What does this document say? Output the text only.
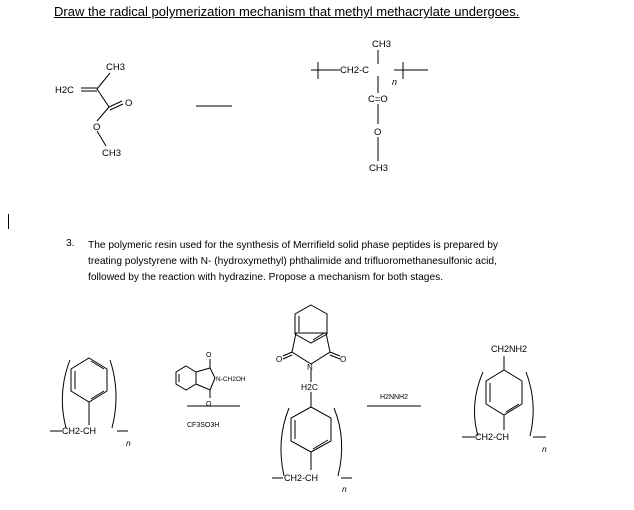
Draw the radical polymerization mechanism that methyl methacrylate undergoes.
3. The polymeric resin used for the synthesis of Merrifield solid phase peptides is prepared by
treating polystyrene with N- (hydroxymethyl) phthalimide and trifluoromethanesulfonic acid,
followed by the reaction with hydrazine. Propose a mechanism for both stages.
CH3
H2C
O
O
CH3
CH3
CH2-C
n
C=O
O
CH3
CH2-CH
n
O
N-CH2OH
O
CF3SO3H
O
N
O
H2C
CH2-CH
n
H2NNH2
CH2NH2
CH2-CH
n
